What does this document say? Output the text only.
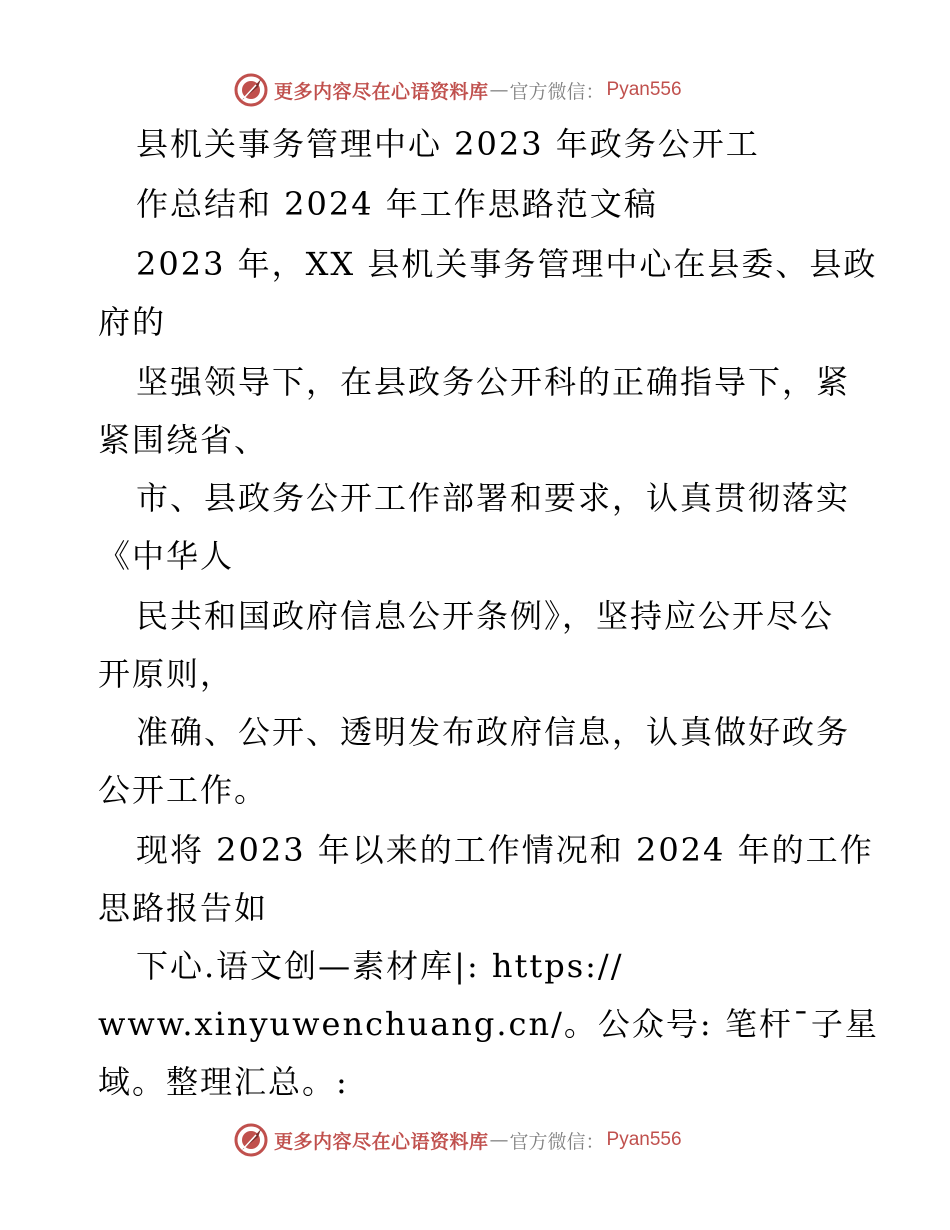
更多内容尽在心语资料库 — 官方微信： Pyan556
县机关事务管理中心 2023 年政务公开工
作总结和 2024 年工作思路范文稿
2023 年，XX 县机关事务管理中心在县委、县政
府的
坚强领导下，在县政务公开科的正确指导下，紧
紧围绕省、
市、县政务公开工作部署和要求，认真贯彻落实
《中华人
民共和国政府信息公开条例》，坚持应公开尽公
开原则，
准确、公开、透明发布政府信息，认真做好政务
公开工作。
现将 2023 年以来的工作情况和 2024 年的工作
思路报告如
下心.语文创—素材库|: https://
www.xinyuwenchuang.cn/。公众号: 笔杆¯子星
域。整理汇总。:
更多内容尽在心语资料库 — 官方微信： Pyan556
